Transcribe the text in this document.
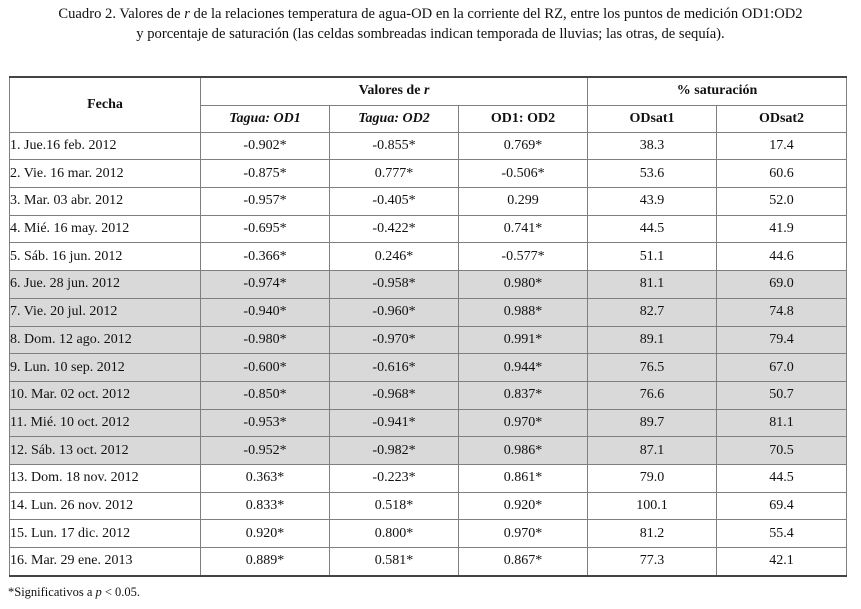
Cuadro 2. Valores de r de la relaciones temperatura de agua-OD en la corriente del RZ, entre los puntos de medición OD1:OD2
y porcentaje de saturación (las celdas sombreadas indican temporada de lluvias; las otras, de sequía).
Fecha	Valores de r			% saturación	
	Tagua: OD1	Tagua: OD2	OD1: OD2	ODsat1	ODsat2
1. Jue.16 feb. 2012	-0.902*	-0.855*	0.769*	38.3	17.4
2. Vie. 16 mar. 2012	-0.875*	0.777*	-0.506*	53.6	60.6
3. Mar. 03 abr. 2012	-0.957*	-0.405*	0.299	43.9	52.0
4. Mié. 16 may. 2012	-0.695*	-0.422*	0.741*	44.5	41.9
5. Sáb. 16 jun. 2012	-0.366*	0.246*	-0.577*	51.1	44.6
6. Jue. 28 jun. 2012	-0.974*	-0.958*	0.980*	81.1	69.0
7. Vie. 20 jul. 2012	-0.940*	-0.960*	0.988*	82.7	74.8
8. Dom. 12 ago. 2012	-0.980*	-0.970*	0.991*	89.1	79.4
9. Lun. 10 sep. 2012	-0.600*	-0.616*	0.944*	76.5	67.0
10. Mar. 02 oct. 2012	-0.850*	-0.968*	0.837*	76.6	50.7
11. Mié. 10 oct. 2012	-0.953*	-0.941*	0.970*	89.7	81.1
12. Sáb. 13 oct. 2012	-0.952*	-0.982*	0.986*	87.1	70.5
13. Dom. 18 nov. 2012	0.363*	-0.223*	0.861*	79.0	44.5
14. Lun. 26 nov. 2012	0.833*	0.518*	0.920*	100.1	69.4
15. Lun. 17 dic. 2012	0.920*	0.800*	0.970*	81.2	55.4
16. Mar. 29 ene. 2013	0.889*	0.581*	0.867*	77.3	42.1
*Significativos a p < 0.05.
